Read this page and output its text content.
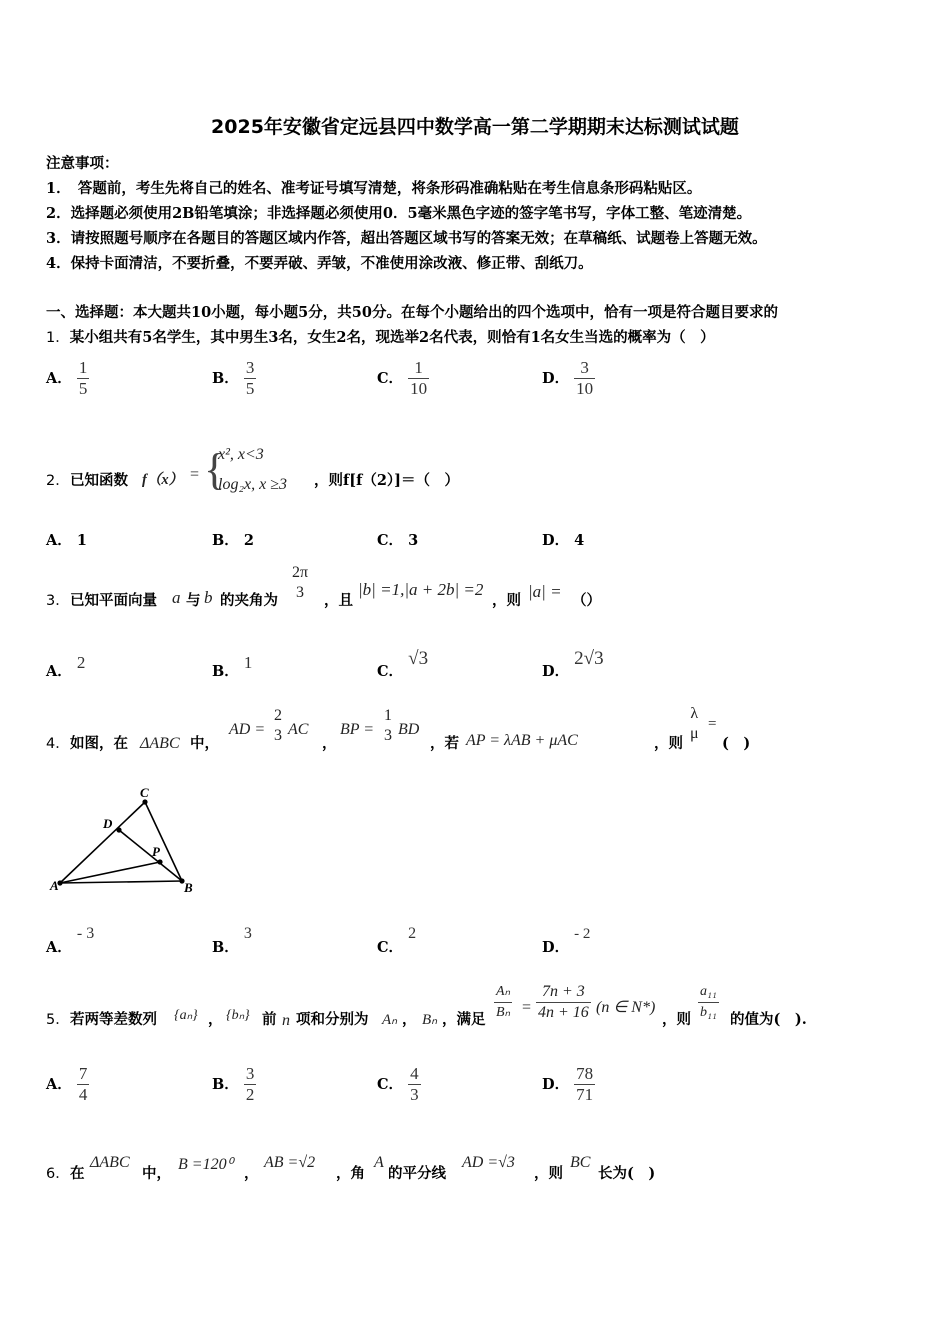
2025年安徽省定远县四中数学高一第二学期期末达标测试试题
注意事项：
1．　答题前，考生先将自己的姓名、准考证号填写清楚，将条形码准确粘贴在考生信息条形码粘贴区。
2．选择题必须使用2B铅笔填涂；非选择题必须使用0．5毫米黑色字迹的签字笔书写，字体工整、笔迹清楚。
3．请按照题号顺序在各题目的答题区域内作答，超出答题区域书写的答案无效；在草稿纸、试题卷上答题无效。
4．保持卡面清洁，不要折叠，不要弄破、弄皱，不准使用涂改液、修正带、刮纸刀。
一、选择题：本大题共10小题，每小题5分，共50分。在每个小题给出的四个选项中，恰有一项是符合题目要求的
1．某小组共有5名学生，其中男生3名，女生2名，现选举2名代表，则恰有1名女生当选的概率为（　）
A． $\frac{1}{5}$	B． $\frac{3}{5}$	C． $\frac{1}{10}$	D． $\frac{3}{10}$
2． 已知函数 f（x） = {
x², x<3
log₂x, x ≥3 ，则f[f（2）]＝（　）
A． 1	B． 2	C． 3	D． 4
3． 已知平面向量 a 与 b 的夹角为
2π
3	，且
|b| =1,|a + 2b| =2
，则 |a| = （）
A． 2	B． 1	C． √3
D． 2√3
4． 如图，在 ΔABC 中，
AD =
2
3 AC
，
BP =
1
3 BD
，若 AP = λAB + μAC	，则
λ
μ
=
(　)
A
C
B
D
P
A． - 3
B． 3
C． 2
D． - 2
5． 若两等差数列 {aₙ} ， {bₙ} 前 n 项和分别为 Aₙ ， Bₙ ，满足 $\frac{\text{Aₙ}}{\text{Bₙ}} = \frac{7n + 3}{4n + 16} (n$ ∈ N*)
，则 $\frac{\text{a₁₁}}{\text{b₁₁}}$ 的值为(　).
A． $\frac{7}{4}$	B． $\frac{3}{2}$	C． $\frac{4}{3}$	D． $\frac{78}{71}$
6． 在
ΔABC
中，
B =120⁰
，
AB =√2
，角
A
的平分线
AD =√3
，则
BC
长为(　)
